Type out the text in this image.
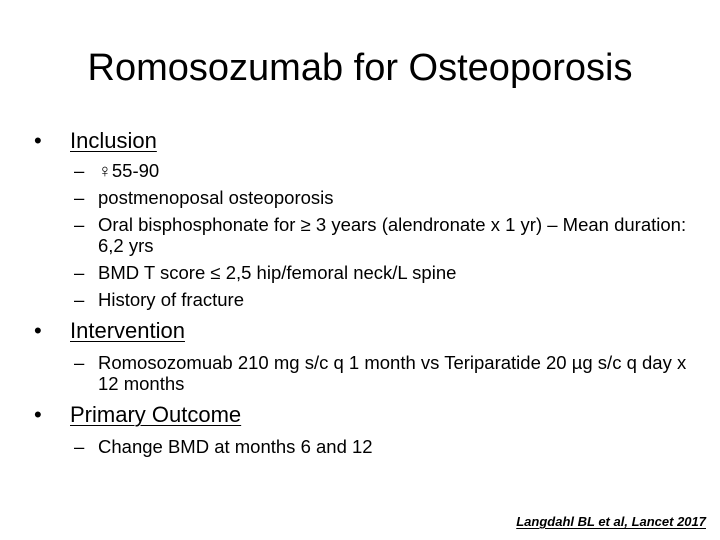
Romosozumab for Osteoporosis
•	Inclusion
– ♀55-90
– postmenoposal osteoporosis
– Oral bisphosphonate for ≥ 3 years (alendronate x 1 yr) – Mean duration: 6,2 yrs
– BMD T score ≤ 2,5 hip/femoral neck/L spine
– History of fracture
•	Intervention
– Romosozomuab 210 mg s/c q 1 month vs Teriparatide 20 µg s/c q day x 12 months
•	Primary Outcome
– Change BMD at months 6 and 12
Langdahl BL et al, Lancet 2017
